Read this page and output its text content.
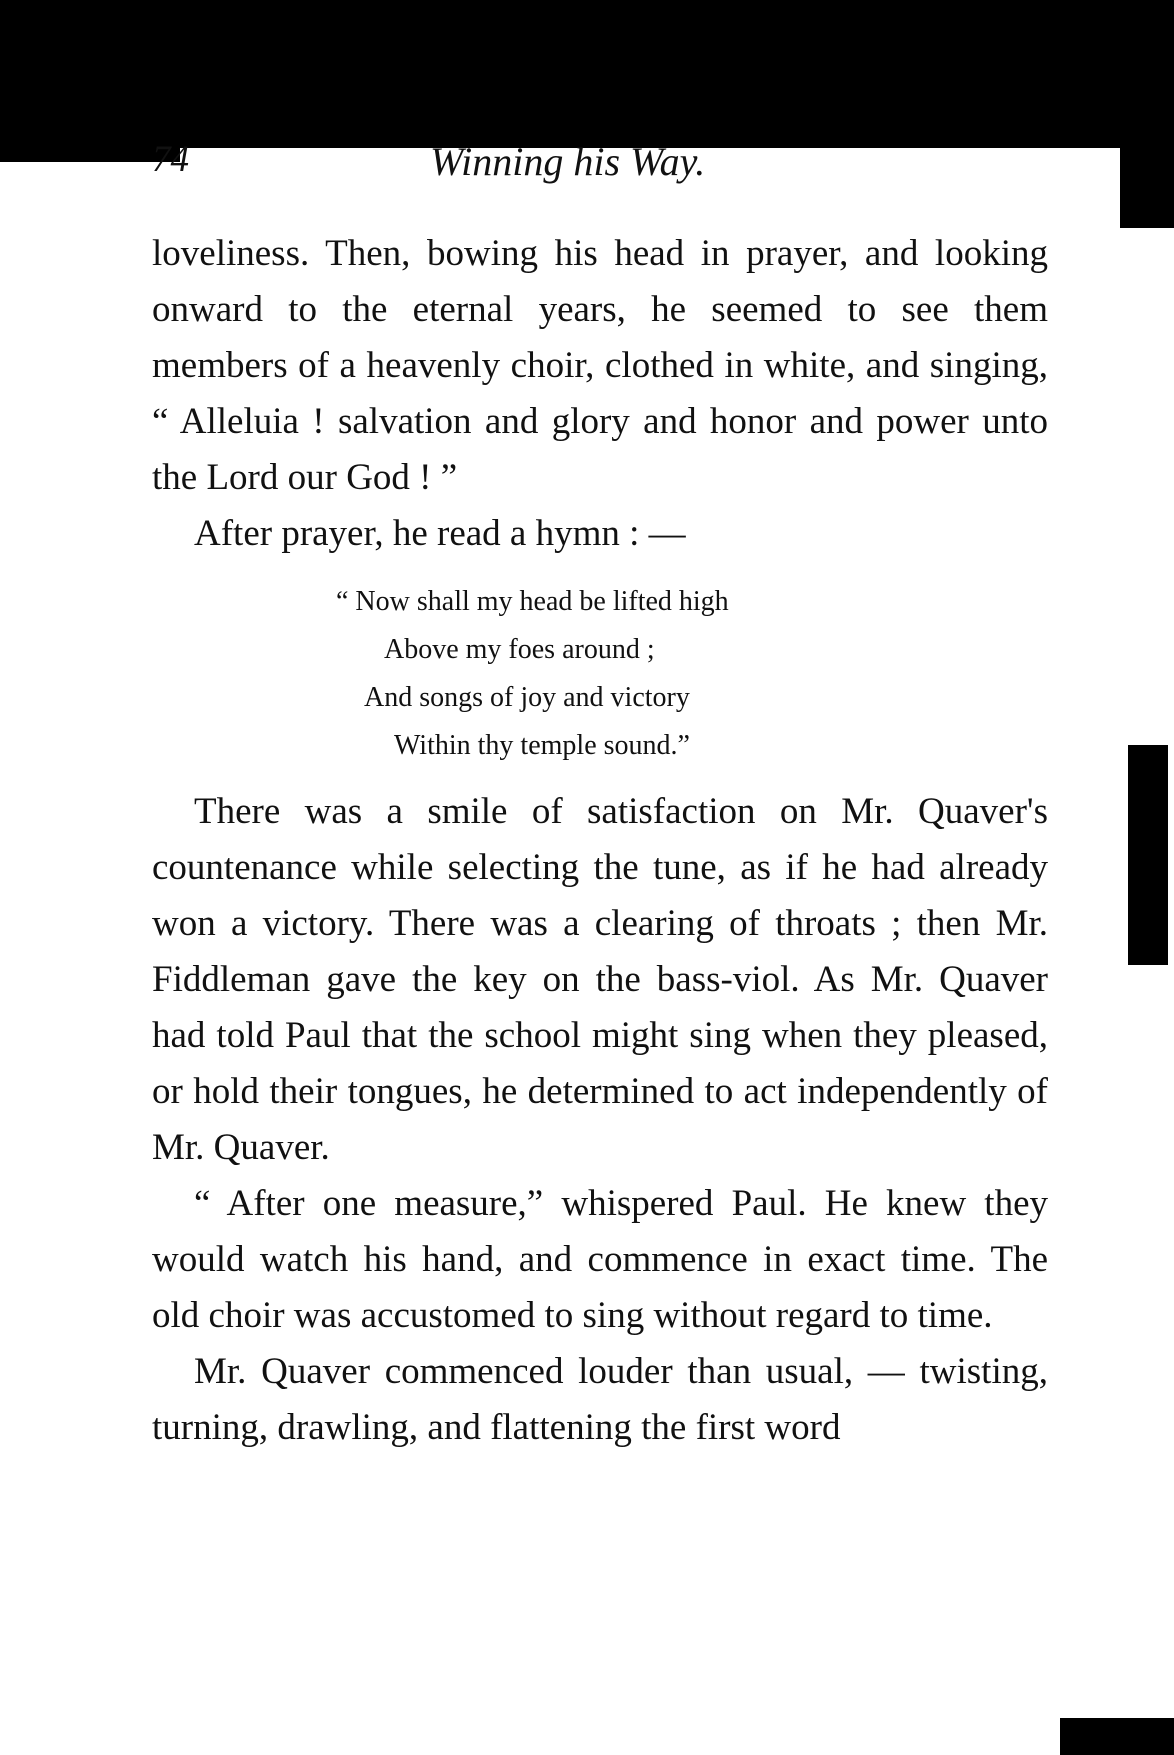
74	Winning his Way.

loveliness. Then, bowing his head in prayer, and looking onward to the eternal years, he seemed to see them members of a heavenly choir, clothed in white, and singing, “ Alleluia ! salvation and glory and honor and power unto the Lord our God ! ”

After prayer, he read a hymn : —

“ Now shall my head be lifted high
Above my foes around ;
And songs of joy and victory
Within thy temple sound.”

There was a smile of satisfaction on Mr. Quaver's countenance while selecting the tune, as if he had already won a victory. There was a clearing of throats ; then Mr. Fiddleman gave the key on the bass-viol. As Mr. Quaver had told Paul that the school might sing when they pleased, or hold their tongues, he determined to act independently of Mr. Quaver.

“ After one measure,” whispered Paul. He knew they would watch his hand, and commence in exact time. The old choir was accustomed to sing without regard to time.

Mr. Quaver commenced louder than usual, — twisting, turning, drawling, and flattening the first word
